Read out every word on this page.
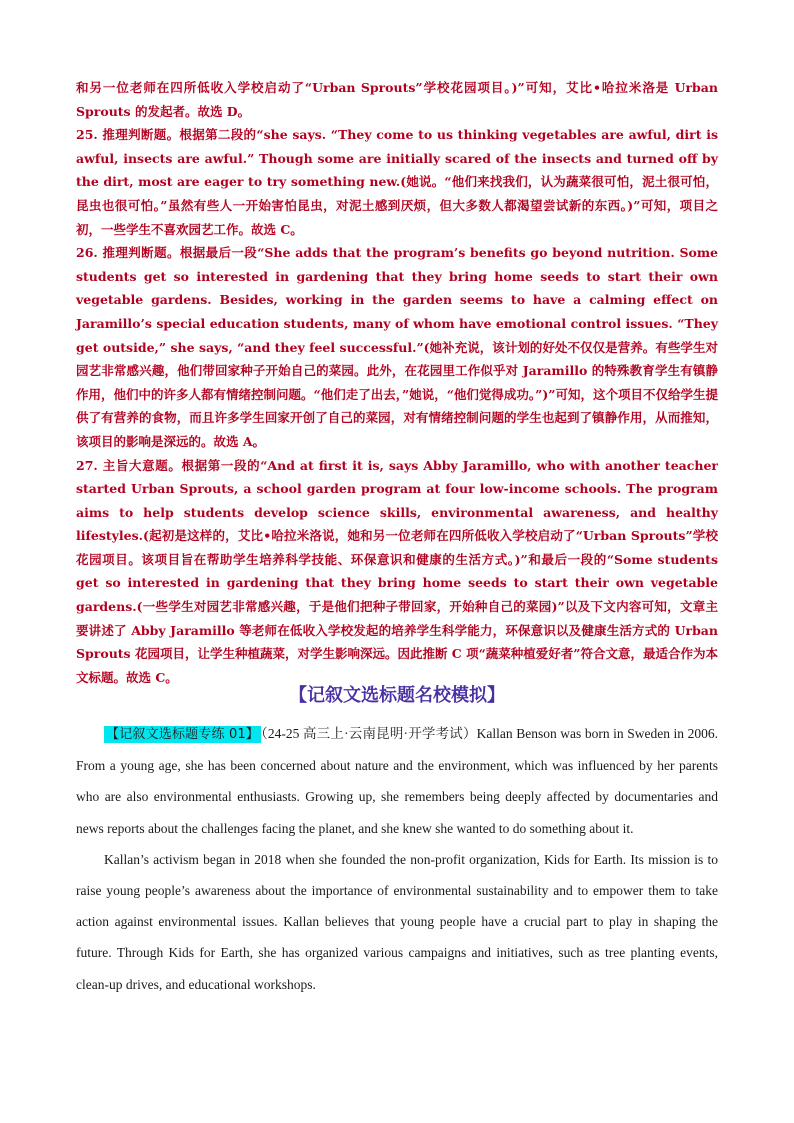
和另一位老师在四所低收入学校启动了“Urban Sprouts”学校花园项目。)”可知，艾比•哈拉米洛是 Urban Sprouts 的发起者。故选 D。

25. 推理判断题。根据第二段的“she says. “They come to us thinking vegetables are awful, dirt is awful, insects are awful.” Though some are initially scared of the insects and turned off by the dirt, most are eager to try something new.(她说。“他们来找我们，认为蔬菜很可怕，泥土很可怕，昆虫也很可怕。”虽然有些人一开始害怕昆虫，对泥土感到厌烦，但大多数人都渴望尝试新的东西。)”可知，项目之初，一些学生不喜欢园艺工作。故选 C。

26. 推理判断题。根据最后一段“She adds that the program’s benefits go beyond nutrition. Some students get so interested in gardening that they bring home seeds to start their own vegetable gardens. Besides, working in the garden seems to have a calming effect on Jaramillo’s special education students, many of whom have emotional control issues. “They get outside,” she says, “and they feel successful.”(她补充说，该计划的好处不仅仅是营养。有些学生对园艺非常感兴趣，他们带回家种子开始自己的菜园。此外，在花园里工作似乎对 Jaramillo 的特殊教育学生有镇静作用，他们中的许多人都有情绪控制问题。“他们走了出去，”她说，“他们觉得成功。”)”可知，这个项目不仅给学生提供了有营养的食物，而且许多学生回家开创了自己的菜园，对有情绪控制问题的学生也起到了镇静作用，从而推知，该项目的影响是深远的。故选 A。

27. 主旨大意题。根据第一段的“And at first it is, says Abby Jaramillo, who with another teacher started Urban Sprouts, a school garden program at four low-income schools. The program aims to help students develop science skills, environmental awareness, and healthy lifestyles.(起初是这样的，艾比•哈拉米洛说，她和另一位老师在四所低收入学校启动了“Urban Sprouts”学校花园项目。该项目旨在帮助学生培养科学技能、环保意识和健康的生活方式。)”和最后一段的“Some students get so interested in gardening that they bring home seeds to start their own vegetable gardens.(一些学生对园艺非常感兴趣，于是他们把种子带回家，开始种自己的菜园)”以及下文内容可知，文章主要讲述了 Abby Jaramillo 等老师在低收入学校发起的培养学生科学能力，环保意识以及健康生活方式的 Urban Sprouts 花园项目，让学生种植蔬菜，对学生影响深远。因此推断 C 项“蔬菜种植爱好者”符合文意，最适合作为本文标题。故选 C。

【记叙文选标题名校模拟】

【记叙文选标题专练 01】 （24-25 高三上·云南昆明·开学考试）Kallan Benson was born in Sweden in 2006. From a young age, she has been concerned about nature and the environment, which was influenced by her parents who are also environmental enthusiasts. Growing up, she remembers being deeply affected by documentaries and news reports about the challenges facing the planet, and she knew she wanted to do something about it.

Kallan’s activism began in 2018 when she founded the non-profit organization, Kids for Earth. Its mission is to raise young people’s awareness about the importance of environmental sustainability and to empower them to take action against environmental issues. Kallan believes that young people have a crucial part to play in shaping the future. Through Kids for Earth, she has organized various campaigns and initiatives, such as tree planting events, clean-up drives, and educational workshops.
